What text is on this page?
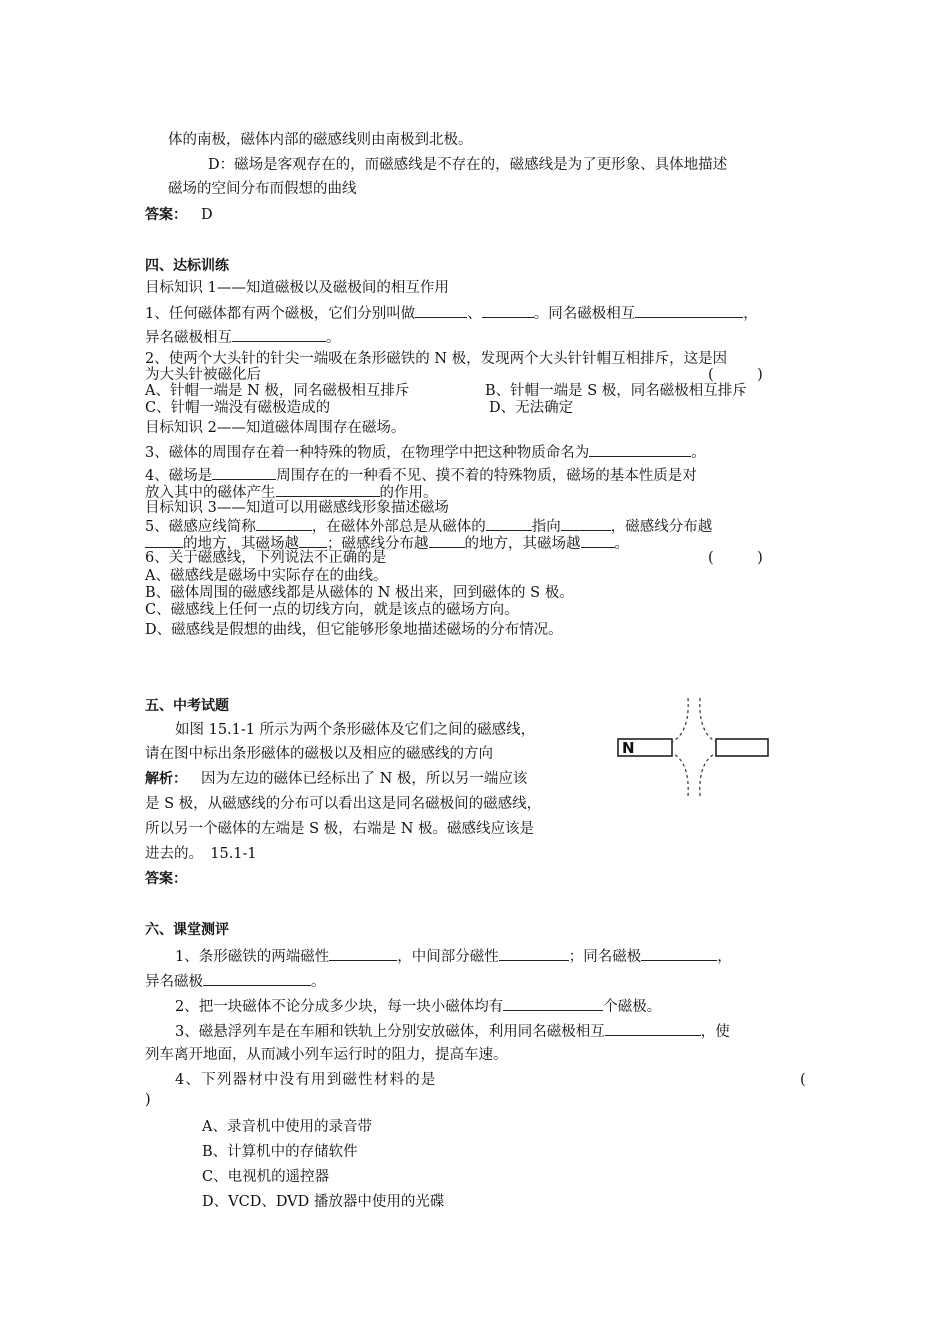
体的南极，磁体内部的磁感线则由南极到北极。
D：磁场是客观存在的，而磁感线是不存在的，磁感线是为了更形象、具体地描述
磁场的空间分布而假想的曲线
答案： D
四、达标训练
目标知识 1——知道磁极以及磁极间的相互作用
1、任何磁体都有两个磁极，它们分别叫做	、	。同名磁极相互	，
异名磁极相互	。
2、使两个大头针的针尖一端吸在条形磁铁的 N 极，发现两个大头针针帽互相排斥，这是因
为大头针被磁化后	(　　　)
A、针帽一端是 N 极，同名磁极相互排斥	B、针帽一端是 S 极，同名磁极相互排斥
C、针帽一端没有磁极造成的	D、无法确定
目标知识 2——知道磁体周围存在磁场。
3、磁体的周围存在着一种特殊的物质，在物理学中把这种物质命名为	。
4、磁场是	周围存在的一种看不见、摸不着的特殊物质，磁场的基本性质是对
放入其中的磁体产生	的作用。
目标知识 3——知道可以用磁感线形象描述磁场
5、磁感应线简称	，在磁体外部总是从磁体的	指向	，磁感线分布越
的地方，其磁场越 ；磁感线分布越 的地方，其磁场越 。
6、关于磁感线，下列说法不正确的是	(　　　)
A、磁感线是磁场中实际存在的曲线。
B、磁体周围的磁感线都是从磁体的 N 极出来，回到磁体的 S 极。
C、磁感线上任何一点的切线方向，就是该点的磁场方向。
D、磁感线是假想的曲线，但它能够形象地描述磁场的分布情况。
五、中考试题
如图 15.1-1 所示为两个条形磁体及它们之间的磁感线，
请在图中标出条形磁体的磁极以及相应的磁感线的方向
解析： 因为左边的磁体已经标出了 N 极，所以另一端应该
是 S 极，从磁感线的分布可以看出这是同名磁极间的磁感线，
所以另一个磁体的左端是 S 极，右端是 N 极。磁感线应该是
进去的。　15.1-1
答案：
N
六、课堂测评
1、条形磁铁的两端磁性	，中间部分磁性	；同名磁极	，
异名磁极	。
2、把一块磁体不论分成多少块，每一块小磁体均有	个磁极。
3、磁悬浮列车是在车厢和铁轨上分别安放磁体，利用同名磁极相互	，使
列车离开地面，从而减小列车运行时的阻力，提高车速。
4、下列器材中没有用到磁性材料的是	(
)
A、录音机中使用的录音带
B、计算机中的存储软件
C、电视机的遥控器
D、VCD、DVD 播放器中使用的光碟
